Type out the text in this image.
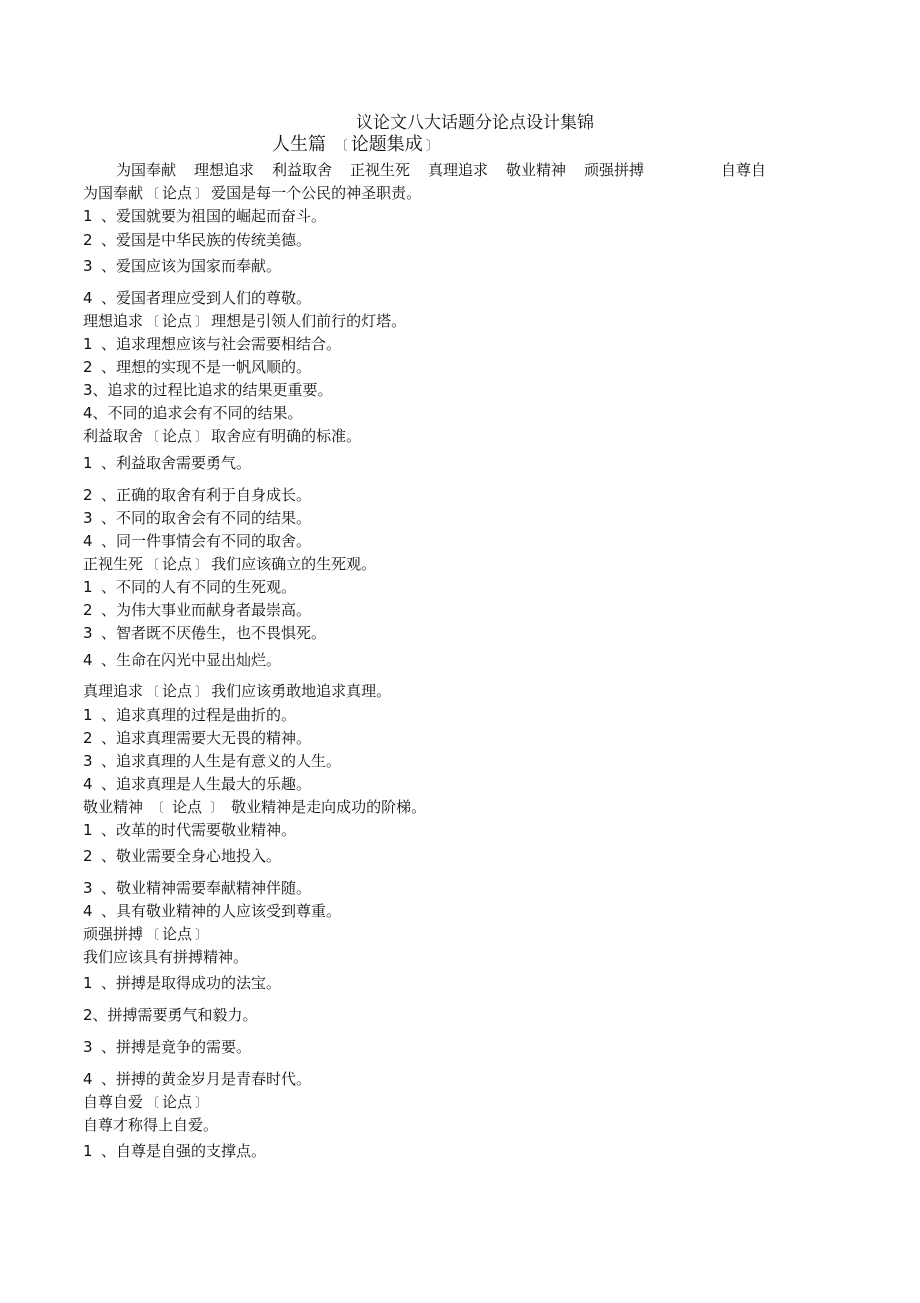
议论文八大话题分论点设计集锦
人生篇 〔 论题集成 〕
为国奉献 理想追求 利益取舍 正视生死 真理追求 敬业精神 顽强拼搏	自尊自
为国奉献 〔 论点 〕 爱国是每一个公民的神圣职责。
1 、爱国就要为祖国的崛起而奋斗。
2 、爱国是中华民族的传统美德。
3 、爱国应该为国家而奉献。
4 、爱国者理应受到人们的尊敬。
理想追求 〔 论点 〕 理想是引领人们前行的灯塔。
1 、追求理想应该与社会需要相结合。
2 、理想的实现不是一帆风顺的。
3、追求的过程比追求的结果更重要。
4、不同的追求会有不同的结果。
利益取舍 〔 论点 〕 取舍应有明确的标准。
1 、利益取舍需要勇气。
2 、正确的取舍有利于自身成长。
3 、不同的取舍会有不同的结果。
4 、同一件事情会有不同的取舍。
正视生死 〔 论点 〕 我们应该确立的生死观。
1 、不同的人有不同的生死观。
2 、为伟大事业而献身者最崇高。
3 、智者既不厌倦生，也不畏惧死。
4 、生命在闪光中显出灿烂。
真理追求 〔 论点 〕 我们应该勇敢地追求真理。
1 、追求真理的过程是曲折的。
2 、追求真理需要大无畏的精神。
3 、追求真理的人生是有意义的人生。
4 、追求真理是人生最大的乐趣。
敬业精神 〔 论点 〕 敬业精神是走向成功的阶梯。
1 、改革的时代需要敬业精神。
2 、敬业需要全身心地投入。
3 、敬业精神需要奉献精神伴随。
4 、具有敬业精神的人应该受到尊重。
顽强拼搏 〔 论点 〕
我们应该具有拼搏精神。
1 、拼搏是取得成功的法宝。
2、拼搏需要勇气和毅力。
3 、拼搏是竟争的需要。
4 、拼搏的黄金岁月是青春时代。
自尊自爱 〔 论点 〕
自尊才称得上自爱。
1 、自尊是自强的支撑点。
